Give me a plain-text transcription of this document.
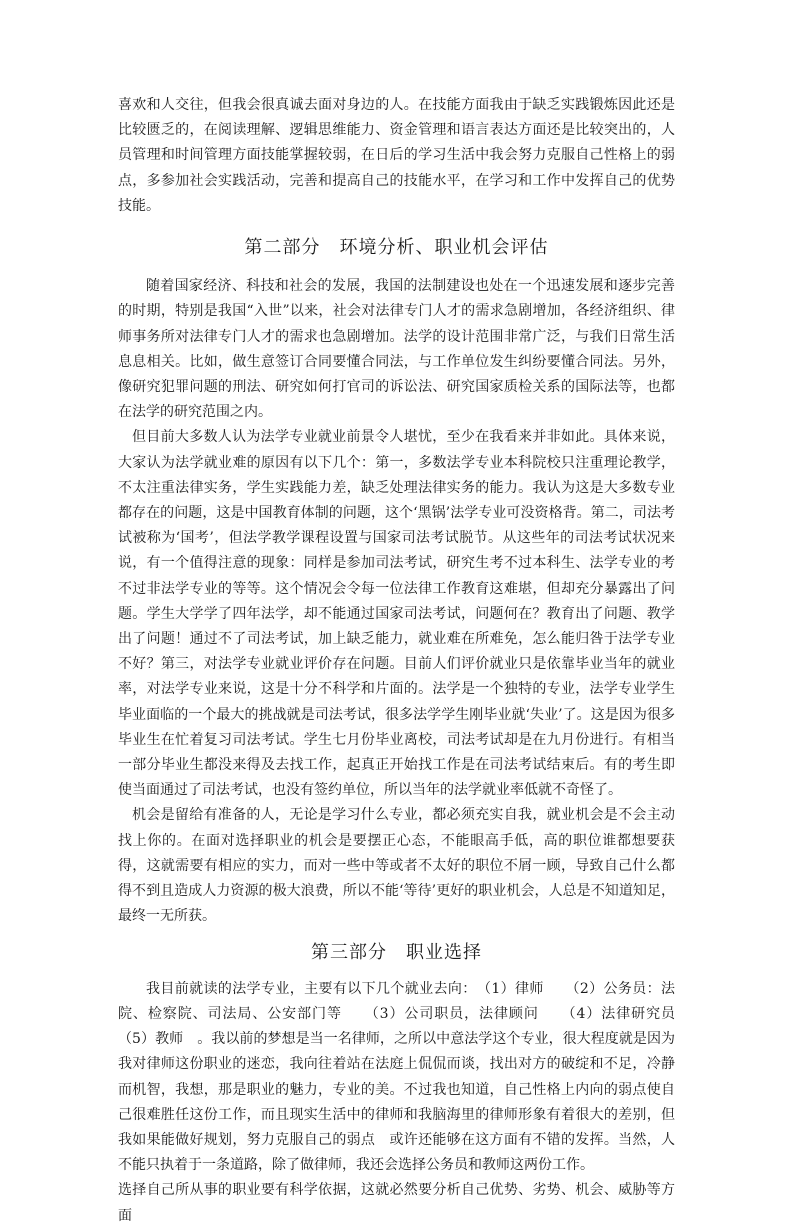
喜欢和人交往，但我会很真诚去面对身边的人。在技能方面我由于缺乏实践锻炼因此还是比较匮乏的，在阅读理解、逻辑思维能力、资金管理和语言表达方面还是比较突出的，人员管理和时间管理方面技能掌握较弱，在日后的学习生活中我会努力克服自己性格上的弱点，多参加社会实践活动，完善和提高自己的技能水平，在学习和工作中发挥自己的优势技能。

第二部分　环境分析、职业机会评估

随着国家经济、科技和社会的发展，我国的法制建设也处在一个迅速发展和逐步完善的时期，特别是我国“入世”以来，社会对法律专门人才的需求急剧增加，各经济组织、律师事务所对法律专门人才的需求也急剧增加。法学的设计范围非常广泛，与我们日常生活息息相关。比如，做生意签订合同要懂合同法，与工作单位发生纠纷要懂合同法。另外，像研究犯罪问题的刑法、研究如何打官司的诉讼法、研究国家质检关系的国际法等，也都在法学的研究范围之内。

但目前大多数人认为法学专业就业前景令人堪忧，至少在我看来并非如此。具体来说，大家认为法学就业难的原因有以下几个：第一，多数法学专业本科院校只注重理论教学，不太注重法律实务，学生实践能力差，缺乏处理法律实务的能力。我认为这是大多数专业都存在的问题，这是中国教育体制的问题，这个‘黑锅’法学专业可没资格背。第二，司法考试被称为‘国考’，但法学教学课程设置与国家司法考试脱节。从这些年的司法考试状况来说，有一个值得注意的现象：同样是参加司法考试，研究生考不过本科生、法学专业的考不过非法学专业的等等。这个情况会令每一位法律工作教育这难堪，但却充分暴露出了问题。学生大学学了四年法学，却不能通过国家司法考试，问题何在？教育出了问题、教学出了问题！通过不了司法考试，加上缺乏能力，就业难在所难免，怎么能归咎于法学专业不好？第三，对法学专业就业评价存在问题。目前人们评价就业只是依靠毕业当年的就业率，对法学专业来说，这是十分不科学和片面的。法学是一个独特的专业，法学专业学生毕业面临的一个最大的挑战就是司法考试，很多法学学生刚毕业就‘失业’了。这是因为很多毕业生在忙着复习司法考试。学生七月份毕业离校，司法考试却是在九月份进行。有相当一部分毕业生都没来得及去找工作，起真正开始找工作是在司法考试结束后。有的考生即使当面通过了司法考试，也没有签约单位，所以当年的法学就业率低就不奇怪了。

机会是留给有准备的人，无论是学习什么专业，都必须充实自我，就业机会是不会主动找上你的。在面对选择职业的机会是要摆正心态，不能眼高手低，高的职位谁都想要获得，这就需要有相应的实力，而对一些中等或者不太好的职位不屑一顾，导致自己什么都得不到且造成人力资源的极大浪费，所以不能‘等待’更好的职业机会，人总是不知道知足，最终一无所获。

第三部分　职业选择

我目前就读的法学专业，主要有以下几个就业去向：　（1）律师　　（2）公务员：法院、检察院、司法局、公安部门等　　（3）公司职员，法律顾问　　（4）法律研究员　　（5）教师　。我以前的梦想是当一名律师，之所以中意法学这个专业，很大程度就是因为我对律师这份职业的迷恋，我向往着站在法庭上侃侃而谈，找出对方的破绽和不足，冷静而机智，我想，那是职业的魅力，专业的美。不过我也知道，自己性格上内向的弱点使自己很难胜任这份工作，而且现实生活中的律师和我脑海里的律师形象有着很大的差别，但我如果能做好规划，努力克服自己的弱点　或许还能够在这方面有不错的发挥。当然，人不能只执着于一条道路，除了做律师，我还会选择公务员和教师这两份工作。

选择自己所从事的职业要有科学依据，这就必然要分析自己优势、劣势、机会、威胁等方面
